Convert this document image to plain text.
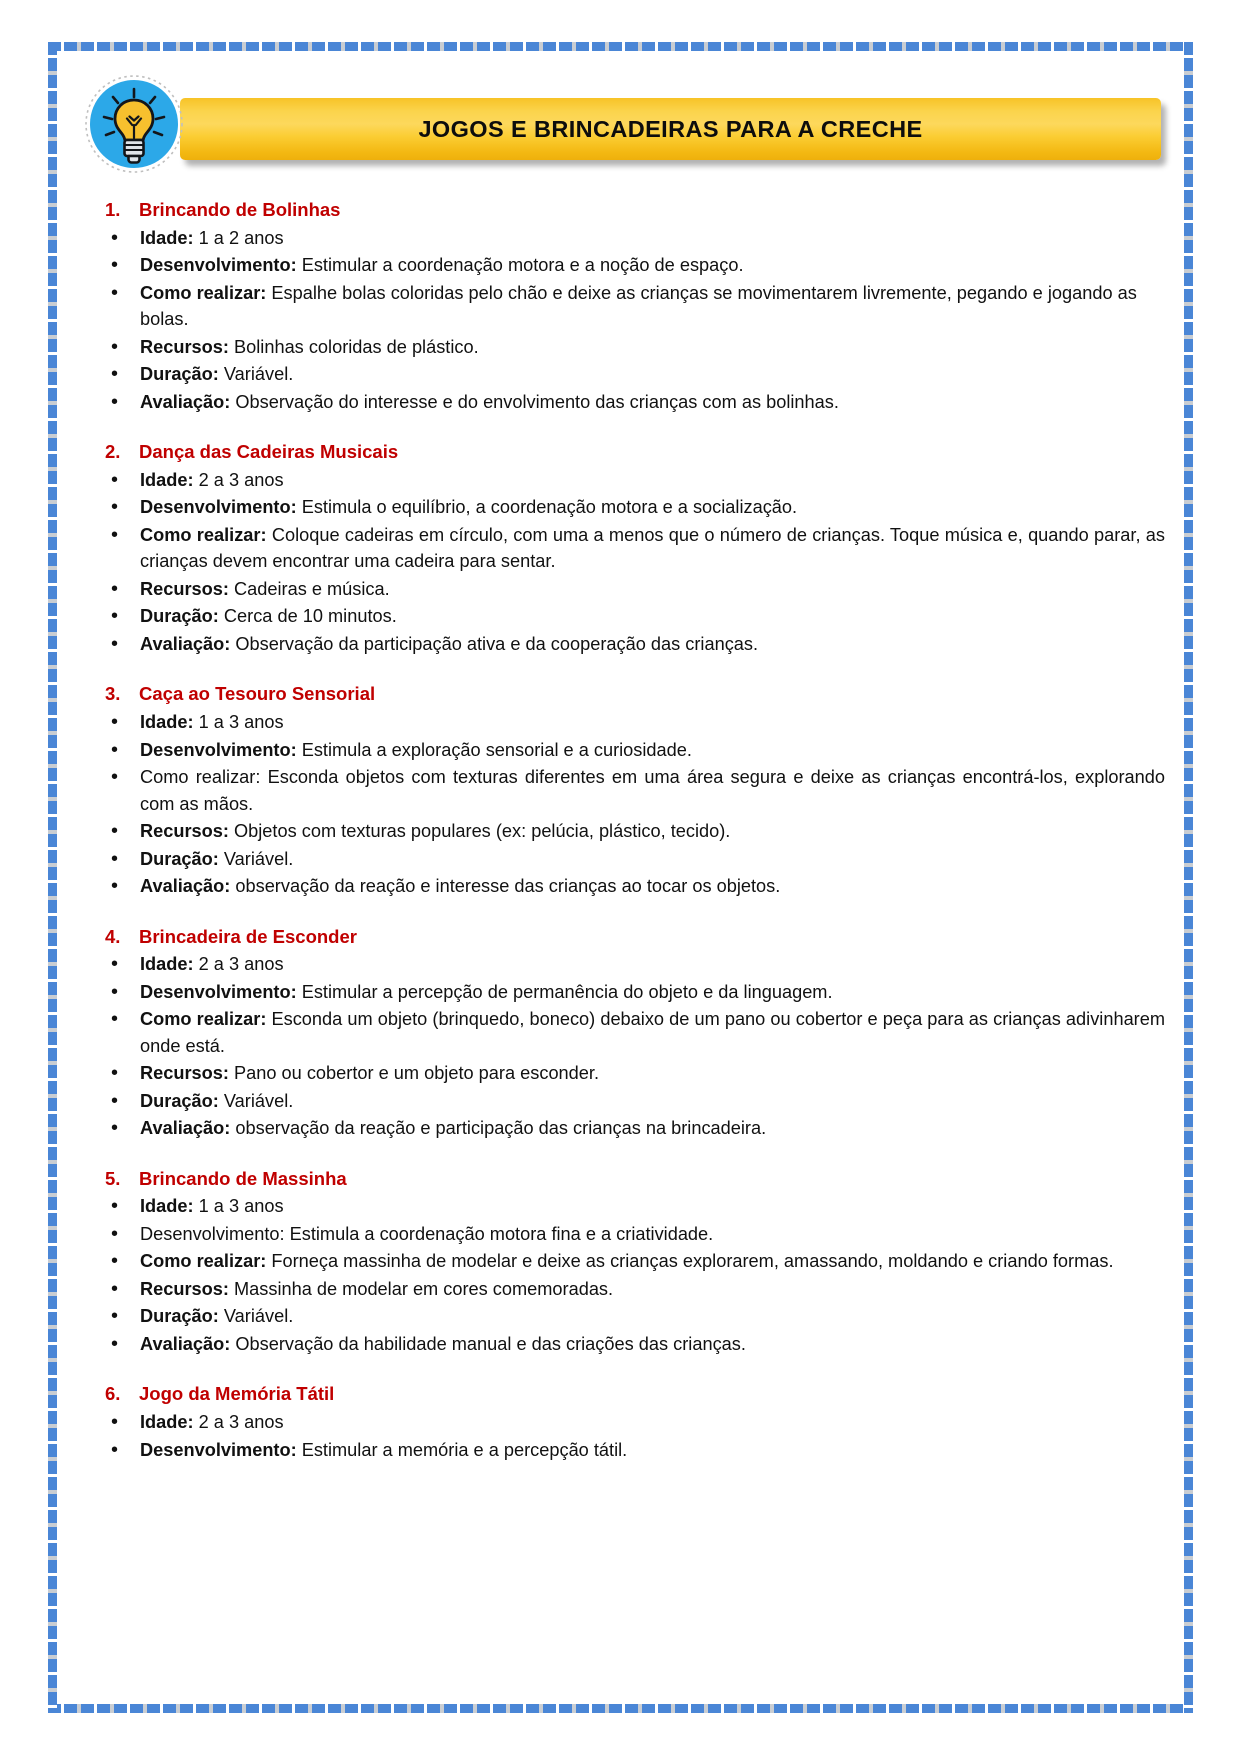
JOGOS E BRINCADEIRAS PARA A CRECHE
1.	Brincando de Bolinhas
• Idade: 1 a 2 anos
• Desenvolvimento: Estimular a coordenação motora e a noção de espaço.
• Como realizar: Espalhe bolas coloridas pelo chão e deixe as crianças se movimentarem livremente, pegando e jogando as bolas.
• Recursos: Bolinhas coloridas de plástico.
• Duração: Variável.
• Avaliação: Observação do interesse e do envolvimento das crianças com as bolinhas.
2.	Dança das Cadeiras Musicais
• Idade: 2 a 3 anos
• Desenvolvimento: Estimula o equilíbrio, a coordenação motora e a socialização.
• Como realizar: Coloque cadeiras em círculo, com uma a menos que o número de crianças. Toque música e, quando parar, as crianças devem encontrar uma cadeira para sentar.
• Recursos: Cadeiras e música.
• Duração: Cerca de 10 minutos.
• Avaliação: Observação da participação ativa e da cooperação das crianças.
3.	Caça ao Tesouro Sensorial
• Idade: 1 a 3 anos
• Desenvolvimento: Estimula a exploração sensorial e a curiosidade.
• Como realizar: Esconda objetos com texturas diferentes em uma área segura e deixe as crianças encontrá-los, explorando com as mãos.
• Recursos: Objetos com texturas populares (ex: pelúcia, plástico, tecido).
• Duração: Variável.
• Avaliação: observação da reação e interesse das crianças ao tocar os objetos.
4.	Brincadeira de Esconder
• Idade: 2 a 3 anos
• Desenvolvimento: Estimular a percepção de permanência do objeto e da linguagem.
• Como realizar: Esconda um objeto (brinquedo, boneco) debaixo de um pano ou cobertor e peça para as crianças adivinharem onde está.
• Recursos: Pano ou cobertor e um objeto para esconder.
• Duração: Variável.
• Avaliação: observação da reação e participação das crianças na brincadeira.
5.	Brincando de Massinha
• Idade: 1 a 3 anos
• Desenvolvimento: Estimula a coordenação motora fina e a criatividade.
• Como realizar: Forneça massinha de modelar e deixe as crianças explorarem, amassando, moldando e criando formas.
• Recursos: Massinha de modelar em cores comemoradas.
• Duração: Variável.
• Avaliação: Observação da habilidade manual e das criações das crianças.
6.	Jogo da Memória Tátil
• Idade: 2 a 3 anos
• Desenvolvimento: Estimular a memória e a percepção tátil.
